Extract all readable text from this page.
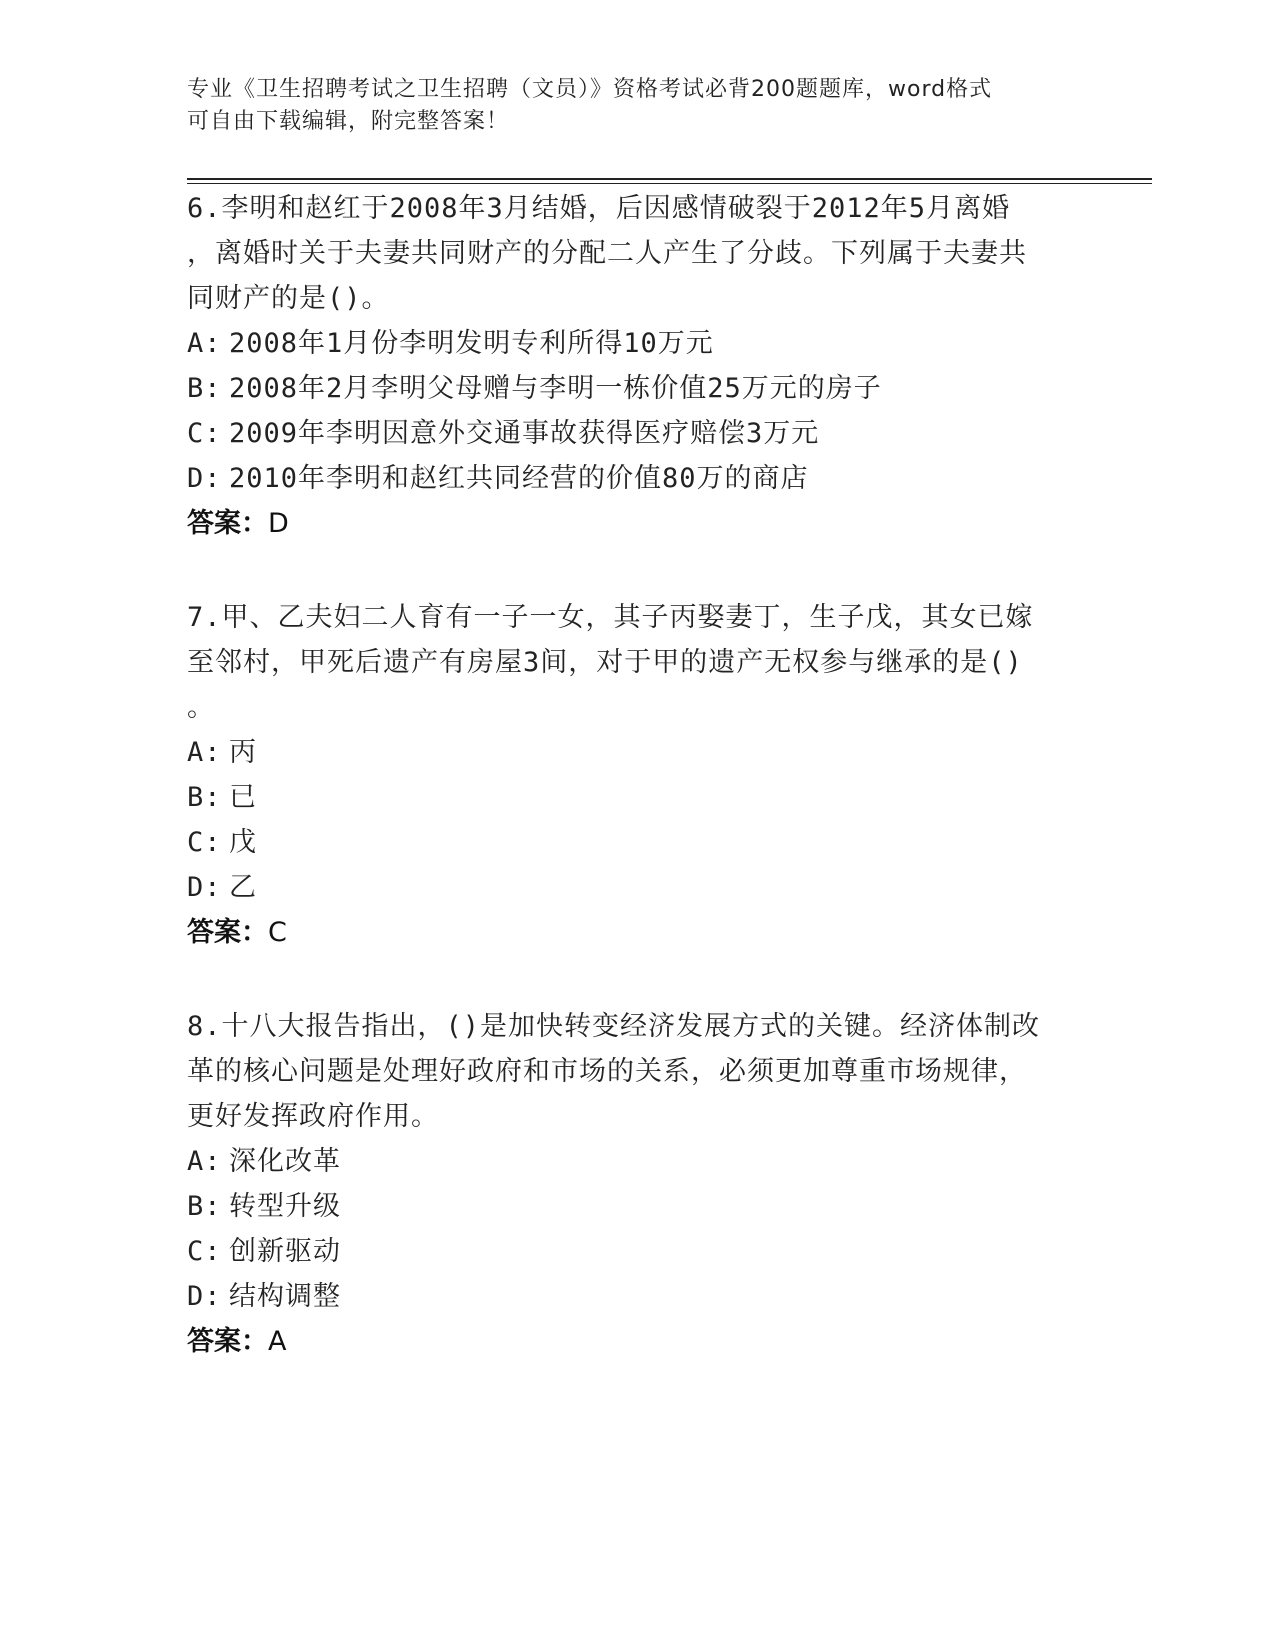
专业《卫生招聘考试之卫生招聘（文员）》资格考试必背200题题库，word格式
可自由下载编辑，附完整答案！
6.李明和赵红于2008年3月结婚，后因感情破裂于2012年5月离婚
，离婚时关于夫妻共同财产的分配二人产生了分歧。下列属于夫妻共
同财产的是()。
A: 2008年1月份李明发明专利所得10万元
B: 2008年2月李明父母赠与李明一栋价值25万元的房子
C: 2009年李明因意外交通事故获得医疗赔偿3万元
D: 2010年李明和赵红共同经营的价值80万的商店
答案：D
7.甲、乙夫妇二人育有一子一女，其子丙娶妻丁，生子戊，其女已嫁
至邻村，甲死后遗产有房屋3间，对于甲的遗产无权参与继承的是()
。
A: 丙
B: 已
C: 戊
D: 乙
答案：C
8.十八大报告指出，()是加快转变经济发展方式的关键。经济体制改
革的核心问题是处理好政府和市场的关系，必须更加尊重市场规律，
更好发挥政府作用。
A: 深化改革
B: 转型升级
C: 创新驱动
D: 结构调整
答案：A
